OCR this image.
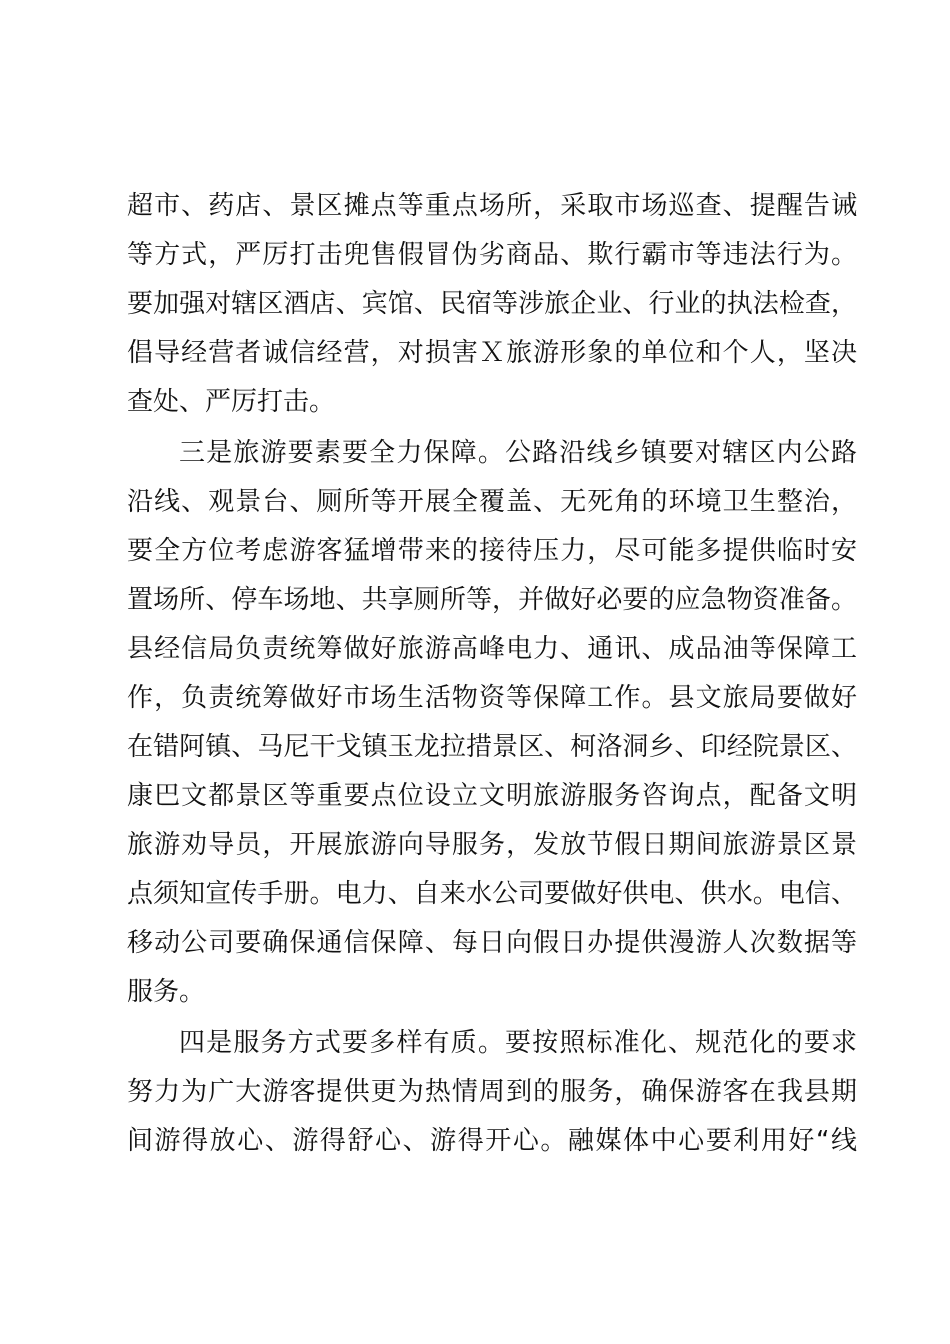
超市、药店、景区摊点等重点场所，采取市场巡查、提醒告诫
等方式，严厉打击兜售假冒伪劣商品、欺行霸市等违法行为。
要加强对辖区酒店、宾馆、民宿等涉旅企业、行业的执法检查，
倡导经营者诚信经营，对损害Ｘ旅游形象的单位和个人，坚决
查处、严厉打击。
三是旅游要素要全力保障。公路沿线乡镇要对辖区内公路
沿线、观景台、厕所等开展全覆盖、无死角的环境卫生整治，
要全方位考虑游客猛增带来的接待压力，尽可能多提供临时安
置场所、停车场地、共享厕所等，并做好必要的应急物资准备。
县经信局负责统筹做好旅游高峰电力、通讯、成品油等保障工
作，负责统筹做好市场生活物资等保障工作。县文旅局要做好
在错阿镇、马尼干戈镇玉龙拉措景区、柯洛洞乡、印经院景区、
康巴文都景区等重要点位设立文明旅游服务咨询点，配备文明
旅游劝导员，开展旅游向导服务，发放节假日期间旅游景区景
点须知宣传手册。电力、自来水公司要做好供电、供水。电信、
移动公司要确保通信保障、每日向假日办提供漫游人次数据等
服务。
四是服务方式要多样有质。要按照标准化、规范化的要求
努力为广大游客提供更为热情周到的服务，确保游客在我县期
间游得放心、游得舒心、游得开心。融媒体中心要利用好“线
